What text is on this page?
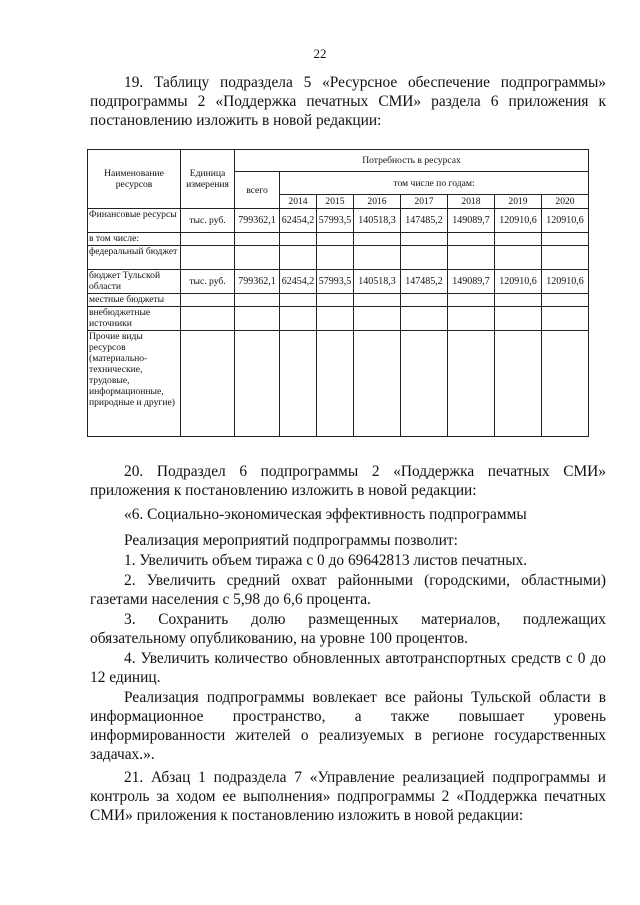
22

19. Таблицу подраздела 5 «Ресурсное обеспечение подпрограммы» подпрограммы 2 «Поддержка печатных СМИ» раздела 6 приложения к постановлению изложить в новой редакции:

Наименование ресурсов	Единица измерения	Потребность в ресурсах							
		всего	том числе по годам:						
			2014	2015	2016	2017	2018	2019	2020
Финансовые ресурсы	тыс. руб.	799362,1	62454,2	57993,5	140518,3	147485,2	149089,7	120910,6	120910,6
в том числе:									
федеральный бюджет									
бюджет Тульской области	тыс. руб.	799362,1	62454,2	57993,5	140518,3	147485,2	149089,7	120910,6	120910,6
местные бюджеты									
внебюджетные источники									
Прочие виды ресурсов (материально-технические, трудовые, информационные, природные и другие)									

20. Подраздел 6 подпрограммы 2 «Поддержка печатных СМИ» приложения к постановлению изложить в новой редакции:

«6. Социально-экономическая эффективность подпрограммы

Реализация мероприятий подпрограммы позволит:

1. Увеличить объем тиража с 0 до 69642813 листов печатных.

2. Увеличить средний охват районными (городскими, областными) газетами населения с 5,98 до 6,6 процента.

3. Сохранить долю размещенных материалов, подлежащих обязательному опубликованию, на уровне 100 процентов.

4. Увеличить количество обновленных автотранспортных средств с 0 до 12 единиц.

Реализация подпрограммы вовлекает все районы Тульской области в информационное пространство, а также повышает уровень информированности жителей о реализуемых в регионе государственных задачах.».

21. Абзац 1 подраздела 7 «Управление реализацией подпрограммы и контроль за ходом ее выполнения» подпрограммы 2 «Поддержка печатных СМИ» приложения к постановлению изложить в новой редакции:
